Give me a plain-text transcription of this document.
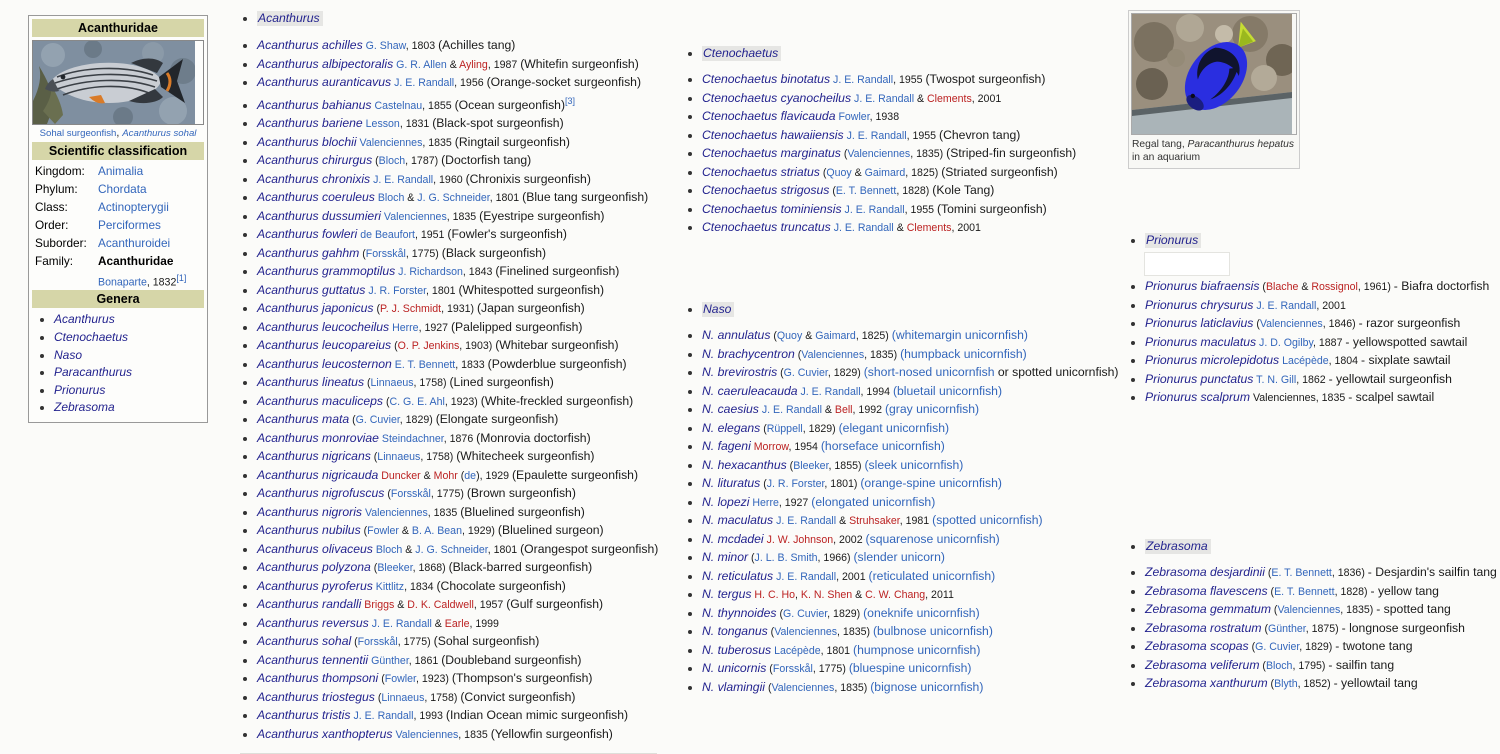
Acanthuridae
Sohal surgeonfish, Acanthurus sohal
Scientific classification
Kingdom:	Animalia
Phylum:	Chordata
Class:	Actinopterygii
Order:	Perciformes
Suborder:	Acanthuroidei
Family:	Acanthuridae
Bonaparte, 1832[1]
Genera
• Acanthurus
• Ctenochaetus
• Naso
• Paracanthurus
• Prionurus
• Zebrasoma
• Acanthurus
• Acanthurus achilles G. Shaw, 1803 (Achilles tang)
• Acanthurus albipectoralis G. R. Allen & Ayling, 1987 (Whitefin surgeonfish)
• Acanthurus auranticavus J. E. Randall, 1956 (Orange-socket surgeonfish)
• Acanthurus bahianus Castelnau, 1855 (Ocean surgeonfish)[3]
• Acanthurus bariene Lesson, 1831 (Black-spot surgeonfish)
• Acanthurus blochii Valenciennes, 1835 (Ringtail surgeonfish)
• Acanthurus chirurgus (Bloch, 1787) (Doctorfish tang)
• Acanthurus chronixis J. E. Randall, 1960 (Chronixis surgeonfish)
• Acanthurus coeruleus Bloch & J. G. Schneider, 1801 (Blue tang surgeonfish)
• Acanthurus dussumieri Valenciennes, 1835 (Eyestripe surgeonfish)
• Acanthurus fowleri de Beaufort, 1951 (Fowler's surgeonfish)
• Acanthurus gahhm (Forsskål, 1775) (Black surgeonfish)
• Acanthurus grammoptilus J. Richardson, 1843 (Finelined surgeonfish)
• Acanthurus guttatus J. R. Forster, 1801 (Whitespotted surgeonfish)
• Acanthurus japonicus (P. J. Schmidt, 1931) (Japan surgeonfish)
• Acanthurus leucocheilus Herre, 1927 (Palelipped surgeonfish)
• Acanthurus leucopareius (O. P. Jenkins, 1903) (Whitebar surgeonfish)
• Acanthurus leucosternon E. T. Bennett, 1833 (Powderblue surgeonfish)
• Acanthurus lineatus (Linnaeus, 1758) (Lined surgeonfish)
• Acanthurus maculiceps (C. G. E. Ahl, 1923) (White-freckled surgeonfish)
• Acanthurus mata (G. Cuvier, 1829) (Elongate surgeonfish)
• Acanthurus monroviae Steindachner, 1876 (Monrovia doctorfish)
• Acanthurus nigricans (Linnaeus, 1758) (Whitecheek surgeonfish)
• Acanthurus nigricauda Duncker & Mohr (de), 1929 (Epaulette surgeonfish)
• Acanthurus nigrofuscus (Forsskål, 1775) (Brown surgeonfish)
• Acanthurus nigroris Valenciennes, 1835 (Bluelined surgeonfish)
• Acanthurus nubilus (Fowler & B. A. Bean, 1929) (Bluelined surgeon)
• Acanthurus olivaceus Bloch & J. G. Schneider, 1801 (Orangespot surgeonfish)
• Acanthurus polyzona (Bleeker, 1868) (Black-barred surgeonfish)
• Acanthurus pyroferus Kittlitz, 1834 (Chocolate surgeonfish)
• Acanthurus randalli Briggs & D. K. Caldwell, 1957 (Gulf surgeonfish)
• Acanthurus reversus J. E. Randall & Earle, 1999
• Acanthurus sohal (Forsskål, 1775) (Sohal surgeonfish)
• Acanthurus tennentii Günther, 1861 (Doubleband surgeonfish)
• Acanthurus thompsoni (Fowler, 1923) (Thompson's surgeonfish)
• Acanthurus triostegus (Linnaeus, 1758) (Convict surgeonfish)
• Acanthurus tristis J. E. Randall, 1993 (Indian Ocean mimic surgeonfish)
• Acanthurus xanthopterus Valenciennes, 1835 (Yellowfin surgeonfish)
• Ctenochaetus
• Ctenochaetus binotatus J. E. Randall, 1955 (Twospot surgeonfish)
• Ctenochaetus cyanocheilus J. E. Randall & Clements, 2001
• Ctenochaetus flavicauda Fowler, 1938
• Ctenochaetus hawaiiensis J. E. Randall, 1955 (Chevron tang)
• Ctenochaetus marginatus (Valenciennes, 1835) (Striped-fin surgeonfish)
• Ctenochaetus striatus (Quoy & Gaimard, 1825) (Striated surgeonfish)
• Ctenochaetus strigosus (E. T. Bennett, 1828) (Kole Tang)
• Ctenochaetus tominiensis J. E. Randall, 1955 (Tomini surgeonfish)
• Ctenochaetus truncatus J. E. Randall & Clements, 2001
• Naso
• N. annulatus (Quoy & Gaimard, 1825) (whitemargin unicornfish)
• N. brachycentron (Valenciennes, 1835) (humpback unicornfish)
• N. brevirostris (G. Cuvier, 1829) (short-nosed unicornfish or spotted unicornfish)
• N. caeruleacauda J. E. Randall, 1994 (bluetail unicornfish)
• N. caesius J. E. Randall & Bell, 1992 (gray unicornfish)
• N. elegans (Rüppell, 1829) (elegant unicornfish)
• N. fageni Morrow, 1954 (horseface unicornfish)
• N. hexacanthus (Bleeker, 1855) (sleek unicornfish)
• N. lituratus (J. R. Forster, 1801) (orange-spine unicornfish)
• N. lopezi Herre, 1927 (elongated unicornfish)
• N. maculatus J. E. Randall & Struhsaker, 1981 (spotted unicornfish)
• N. mcdadei J. W. Johnson, 2002 (squarenose unicornfish)
• N. minor (J. L. B. Smith, 1966) (slender unicorn)
• N. reticulatus J. E. Randall, 2001 (reticulated unicornfish)
• N. tergus H. C. Ho, K. N. Shen & C. W. Chang, 2011
• N. thynnoides (G. Cuvier, 1829) (oneknife unicornfish)
• N. tonganus (Valenciennes, 1835) (bulbnose unicornfish)
• N. tuberosus Lacépède, 1801 (humpnose unicornfish)
• N. unicornis (Forsskål, 1775) (bluespine unicornfish)
• N. vlamingii (Valenciennes, 1835) (bignose unicornfish)
Regal tang, Paracanthurus hepatus in an aquarium
• Prionurus
• Prionurus biafraensis (Blache & Rossignol, 1961) - Biafra doctorfish
• Prionurus chrysurus J. E. Randall, 2001
• Prionurus laticlavius (Valenciennes, 1846) - razor surgeonfish
• Prionurus maculatus J. D. Ogilby, 1887 - yellowspotted sawtail
• Prionurus microlepidotus Lacépède, 1804 - sixplate sawtail
• Prionurus punctatus T. N. Gill, 1862 - yellowtail surgeonfish
• Prionurus scalprum Valenciennes, 1835 - scalpel sawtail
• Zebrasoma
• Zebrasoma desjardinii (E. T. Bennett, 1836) - Desjardin's sailfin tang
• Zebrasoma flavescens (E. T. Bennett, 1828) - yellow tang
• Zebrasoma gemmatum (Valenciennes, 1835) - spotted tang
• Zebrasoma rostratum (Günther, 1875) - longnose surgeonfish
• Zebrasoma scopas (G. Cuvier, 1829) - twotone tang
• Zebrasoma veliferum (Bloch, 1795) - sailfin tang
• Zebrasoma xanthurum (Blyth, 1852) - yellowtail tang
